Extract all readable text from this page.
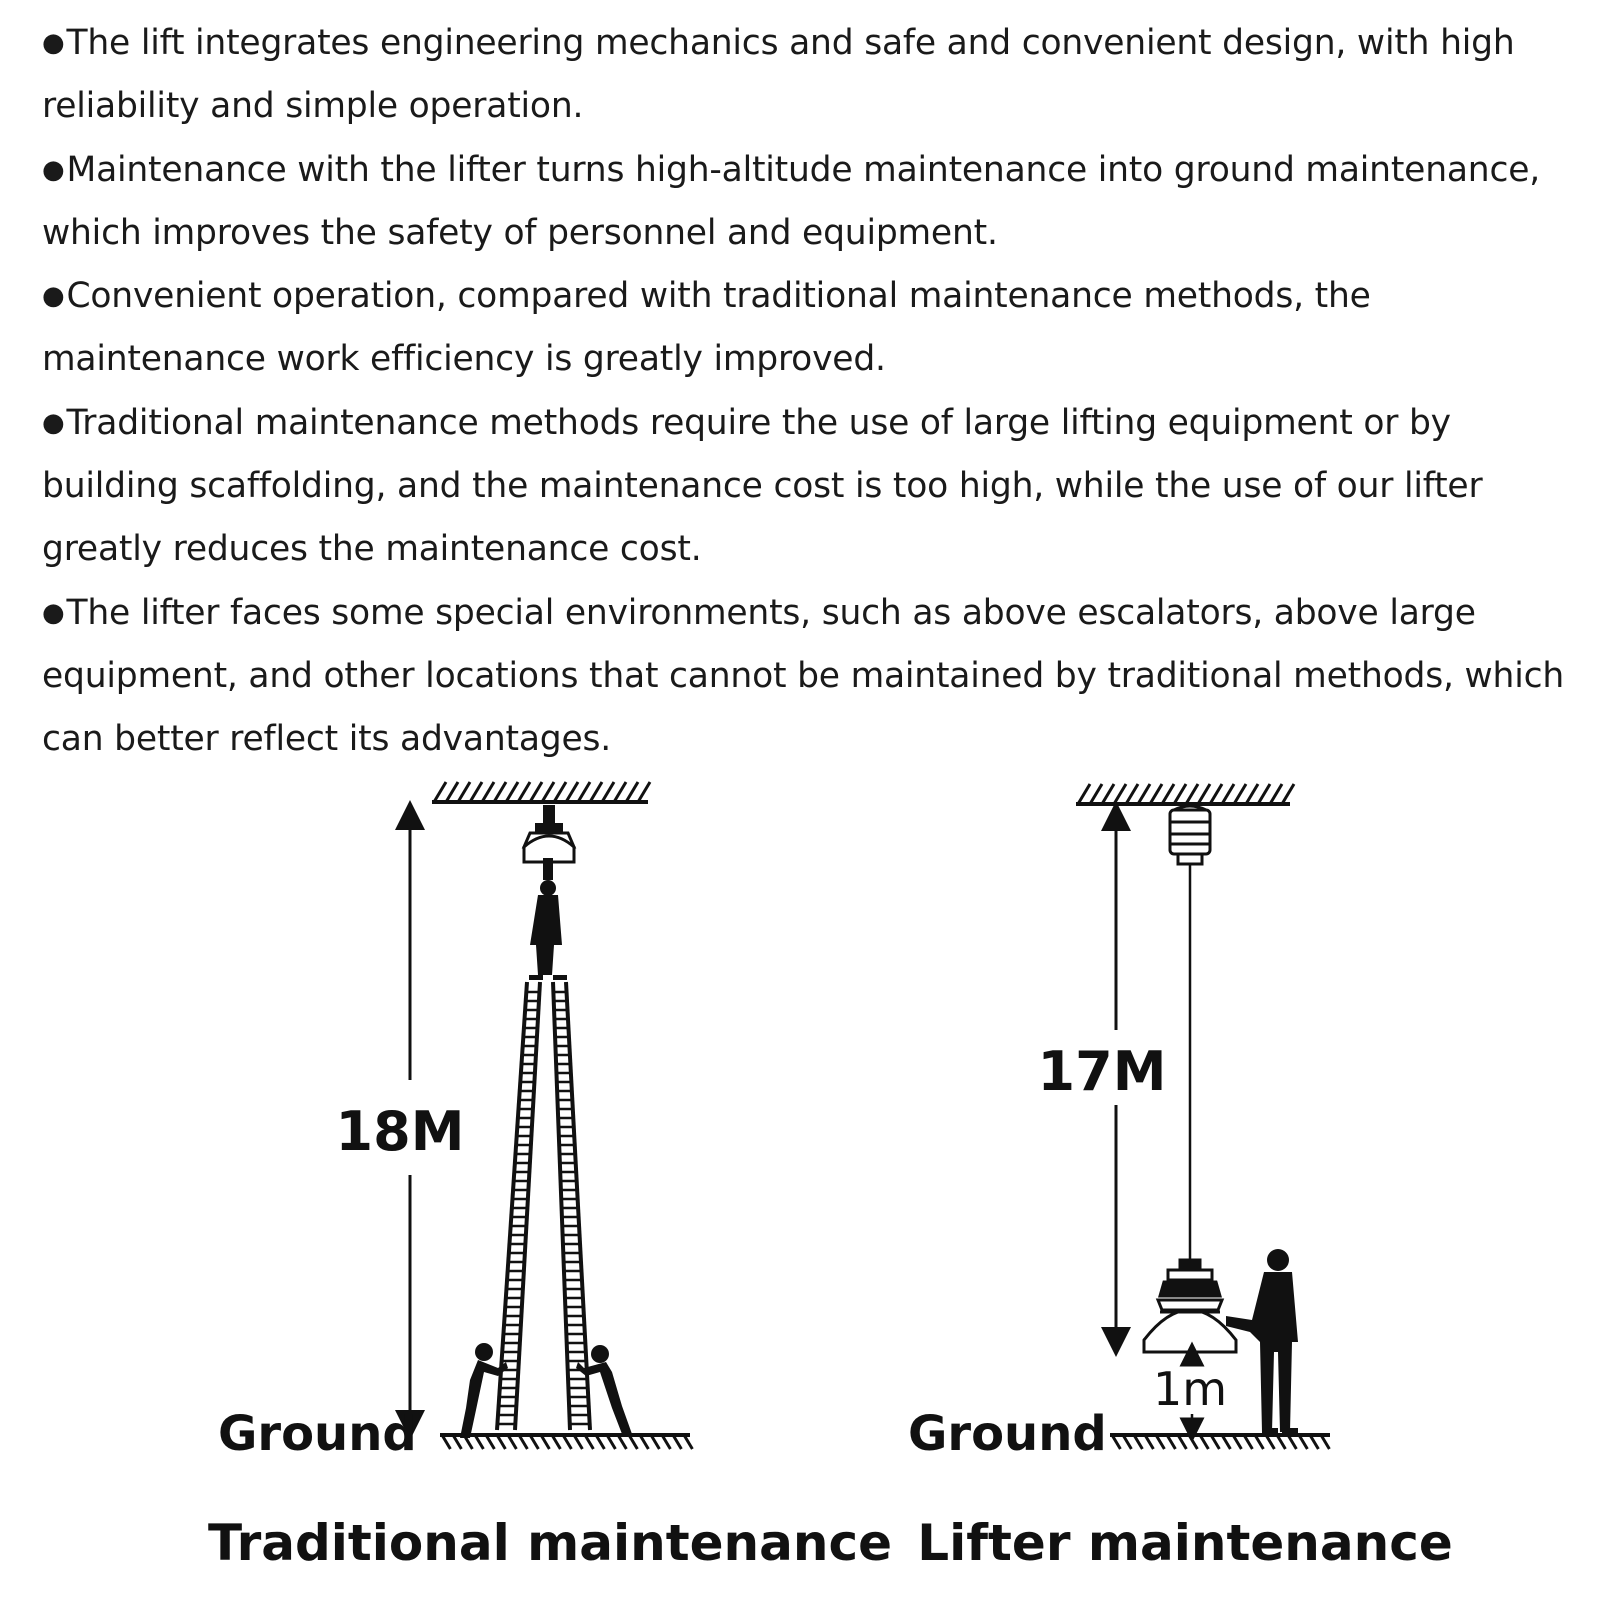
●The lift integrates engineering mechanics and safe and convenient design, with high reliability and simple operation.
●Maintenance with the lifter turns high-altitude maintenance into ground maintenance, which improves the safety of personnel and equipment.
●Convenient operation, compared with traditional maintenance methods, the maintenance work efficiency is greatly improved.
●Traditional maintenance methods require the use of large lifting equipment or by building scaffolding, and the maintenance cost is too high, while the use of our lifter greatly reduces the maintenance cost.
●The lifter faces some special environments, such as above escalators, above large equipment, and other locations that cannot be maintained by traditional methods, which can better reflect its advantages.
18M
Ground
Traditional maintenance
17M
1m
Ground
Lifter maintenance
